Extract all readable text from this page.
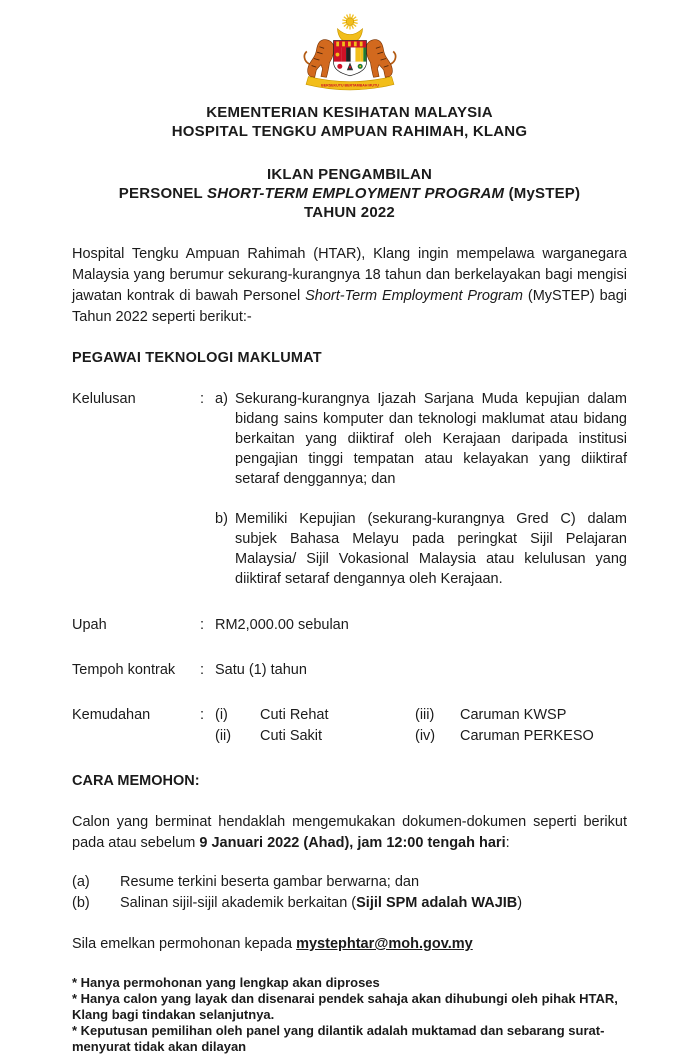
BERSEKUTU BERTAMBAH MUTU
KEMENTERIAN KESIHATAN MALAYSIA
HOSPITAL TENGKU AMPUAN RAHIMAH, KLANG
IKLAN PENGAMBILAN
PERSONEL SHORT-TERM EMPLOYMENT PROGRAM (MySTEP)
TAHUN 2022

Hospital Tengku Ampuan Rahimah (HTAR), Klang ingin mempelawa warganegara Malaysia yang berumur sekurang-kurangnya 18 tahun dan berkelayakan bagi mengisi jawatan kontrak di bawah Personel Short-Term Employment Program (MySTEP) bagi Tahun 2022 seperti berikut:-

PEGAWAI TEKNOLOGI MAKLUMAT
Kelulusan	: a) Sekurang-kurangnya Ijazah Sarjana Muda kepujian dalam bidang sains komputer dan teknologi maklumat atau bidang berkaitan yang diiktiraf oleh Kerajaan daripada institusi pengajian tinggi tempatan atau kelayakan yang diiktiraf setaraf denggannya; dan
b) Memiliki Kepujian (sekurang-kurangnya Gred C) dalam subjek Bahasa Melayu pada peringkat Sijil Pelajaran Malaysia/ Sijil Vokasional Malaysia atau kelulusan yang diiktiraf setaraf dengannya oleh Kerajaan.
Upah	: RM2,000.00 sebulan
Tempoh kontrak	: Satu (1) tahun
Kemudahan	: (i)	Cuti Rehat	(iii)	Caruman KWSP
(ii)	Cuti Sakit	(iv)	Caruman PERKESO
CARA MEMOHON:

Calon yang berminat hendaklah mengemukakan dokumen-dokumen seperti berikut pada atau sebelum 9 Januari 2022 (Ahad), jam 12:00 tengah hari:

(a)	Resume terkini beserta gambar berwarna; dan
(b)	Salinan sijil-sijil akademik berkaitan (Sijil SPM adalah WAJIB)
Sila emelkan permohonan kepada mystephtar@moh.gov.my
* Hanya permohonan yang lengkap akan diproses
* Hanya calon yang layak dan disenarai pendek sahaja akan dihubungi oleh pihak HTAR, Klang bagi tindakan selanjutnya.
* Keputusan pemilihan oleh panel yang dilantik adalah muktamad dan sebarang surat-menyurat tidak akan dilayan
